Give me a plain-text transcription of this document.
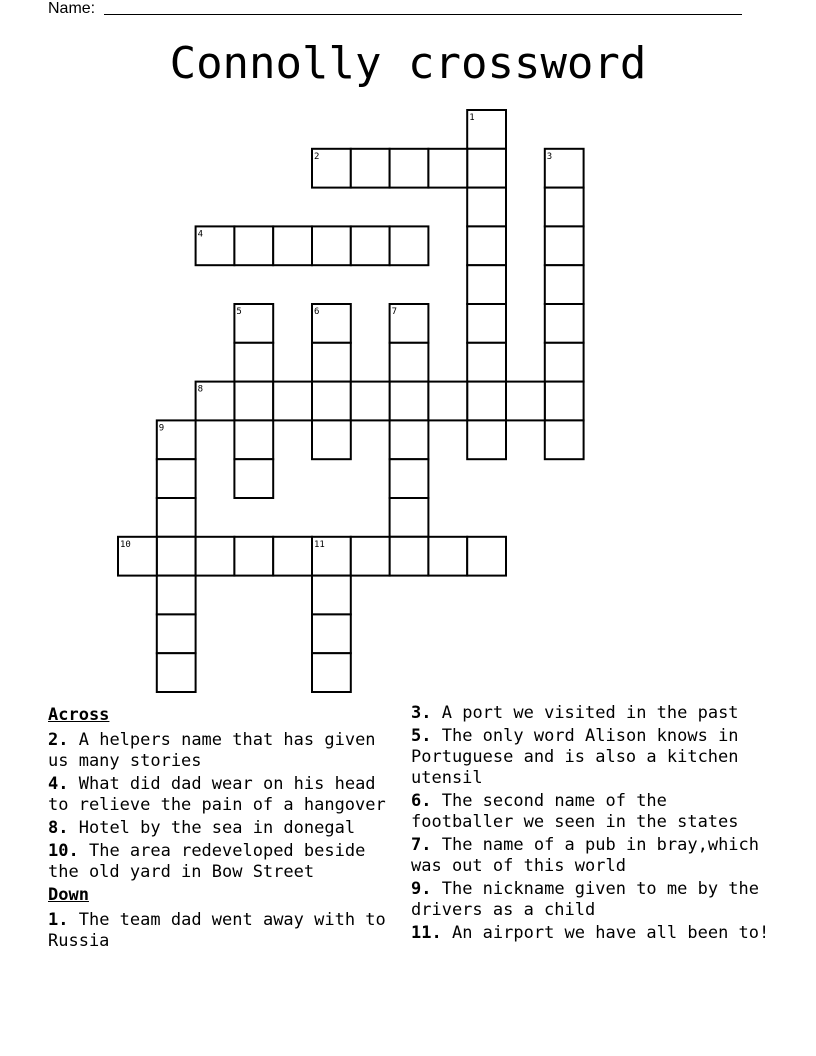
Name:
Connolly crossword
1
2	3
4
5	6	7
8
9
10	11
Across
2. A helpers name that has given us many stories
4. What did dad wear on his head to relieve the pain of a hangover
8. Hotel by the sea in donegal
10. The area redeveloped beside the old yard in Bow Street
Down
1. The team dad went away with to Russia
3. A port we visited in the past
5. The only word Alison knows in Portuguese and is also a kitchen utensil
6. The second name of the footballer we seen in the states
7. The name of a pub in bray,which was out of this world
9. The nickname given to me by the drivers as a child
11. An airport we have all been to!
